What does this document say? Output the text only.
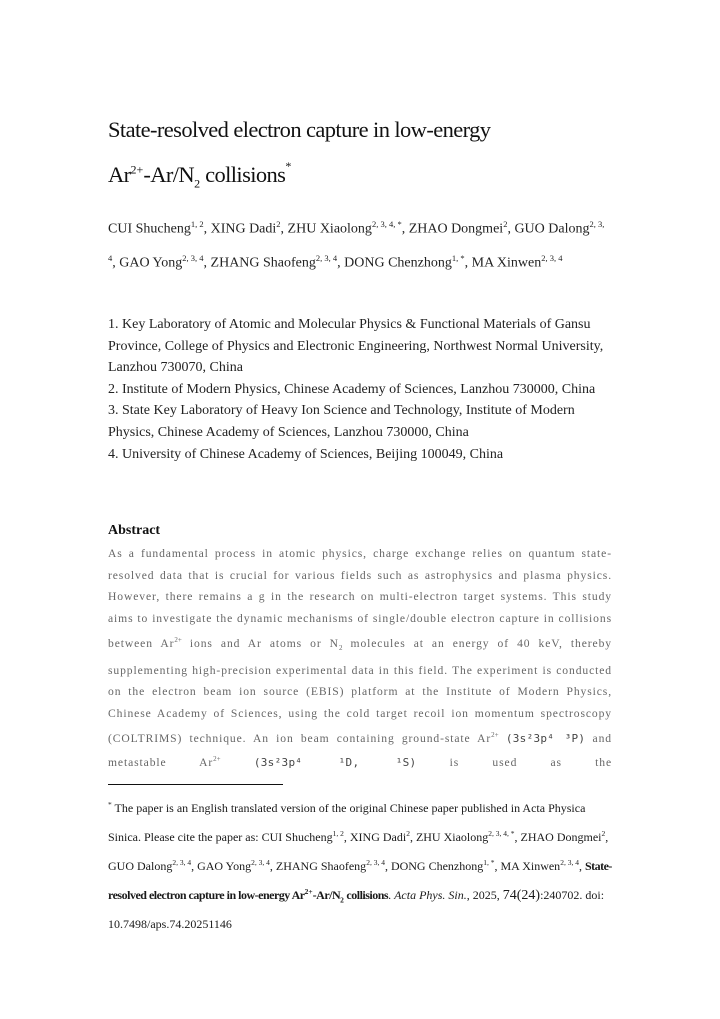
State-resolved electron capture in low-energy
$Ar^{2+}-Ar/N_2$ collisions*
CUI Shucheng$^{1, 2}$, XING Dadi$^2$, ZHU Xiaolong$^{2, 3, 4, *}$, ZHAO Dongmei$^2$, GUO Dalong$^{2, 3, 4}$, GAO Yong$^{2, 3, 4}$, ZHANG Shaofeng$^{2, 3, 4}$, DONG Chenzhong$^{1, *}$, MA Xinwen$^{2, 3, 4}$

1. Key Laboratory of Atomic and Molecular Physics & Functional Materials of Gansu Province, College of Physics and Electronic Engineering, Northwest Normal University, Lanzhou 730070, China

2. Institute of Modern Physics, Chinese Academy of Sciences, Lanzhou 730000, China

3. State Key Laboratory of Heavy Ion Science and Technology, Institute of Modern Physics, Chinese Academy of Sciences, Lanzhou 730000, China

4. University of Chinese Academy of Sciences, Beijing 100049, China

Abstract
As a fundamental process in atomic physics, charge exchange relies on quantum state-resolved data that is crucial for various fields such as astrophysics and plasma physics. However, there remains a g in the research on multi-electron target systems. This study aims to investigate the dynamic mechanisms of single/double electron capture in collisions between $Ar^{2+}$ ions and Ar atoms or $N_2$ molecules at an energy of 40 keV, thereby supplementing high-precision experimental data in this field. The experiment is conducted on the electron beam ion source (EBIS) platform at the Institute of Modern Physics, Chinese Academy of Sciences, using the cold target recoil ion momentum spectroscopy (COLTRIMS) technique. An ion beam containing ground-state $Ar^{2+}$ (3s²3p⁴ ³P) and metastable $Ar^{2+}$	(3s²3p⁴ ¹D, ¹S) is used as the
* The paper is an English translated version of the original Chinese paper published in Acta Physica Sinica. Please cite the paper as: CUI Shucheng$^{1, 2}$, XING Dadi$^2$, ZHU Xiaolong$^{2, 3, 4, *}$, ZHAO Dongmei$^2$, GUO Dalong$^{2, 3, 4}$, GAO Yong$^{2, 3, 4}$, ZHANG Shaofeng$^{2, 3, 4}$, DONG Chenzhong$^{1, *}$, MA Xinwen$^{2, 3, 4}$, State-resolved electron capture in low-energy $Ar^{2+}-Ar/N_2$ collisions. Acta Phys. Sin., 2025, 74(24):240702. doi: 10.7498/aps.74.20251146
